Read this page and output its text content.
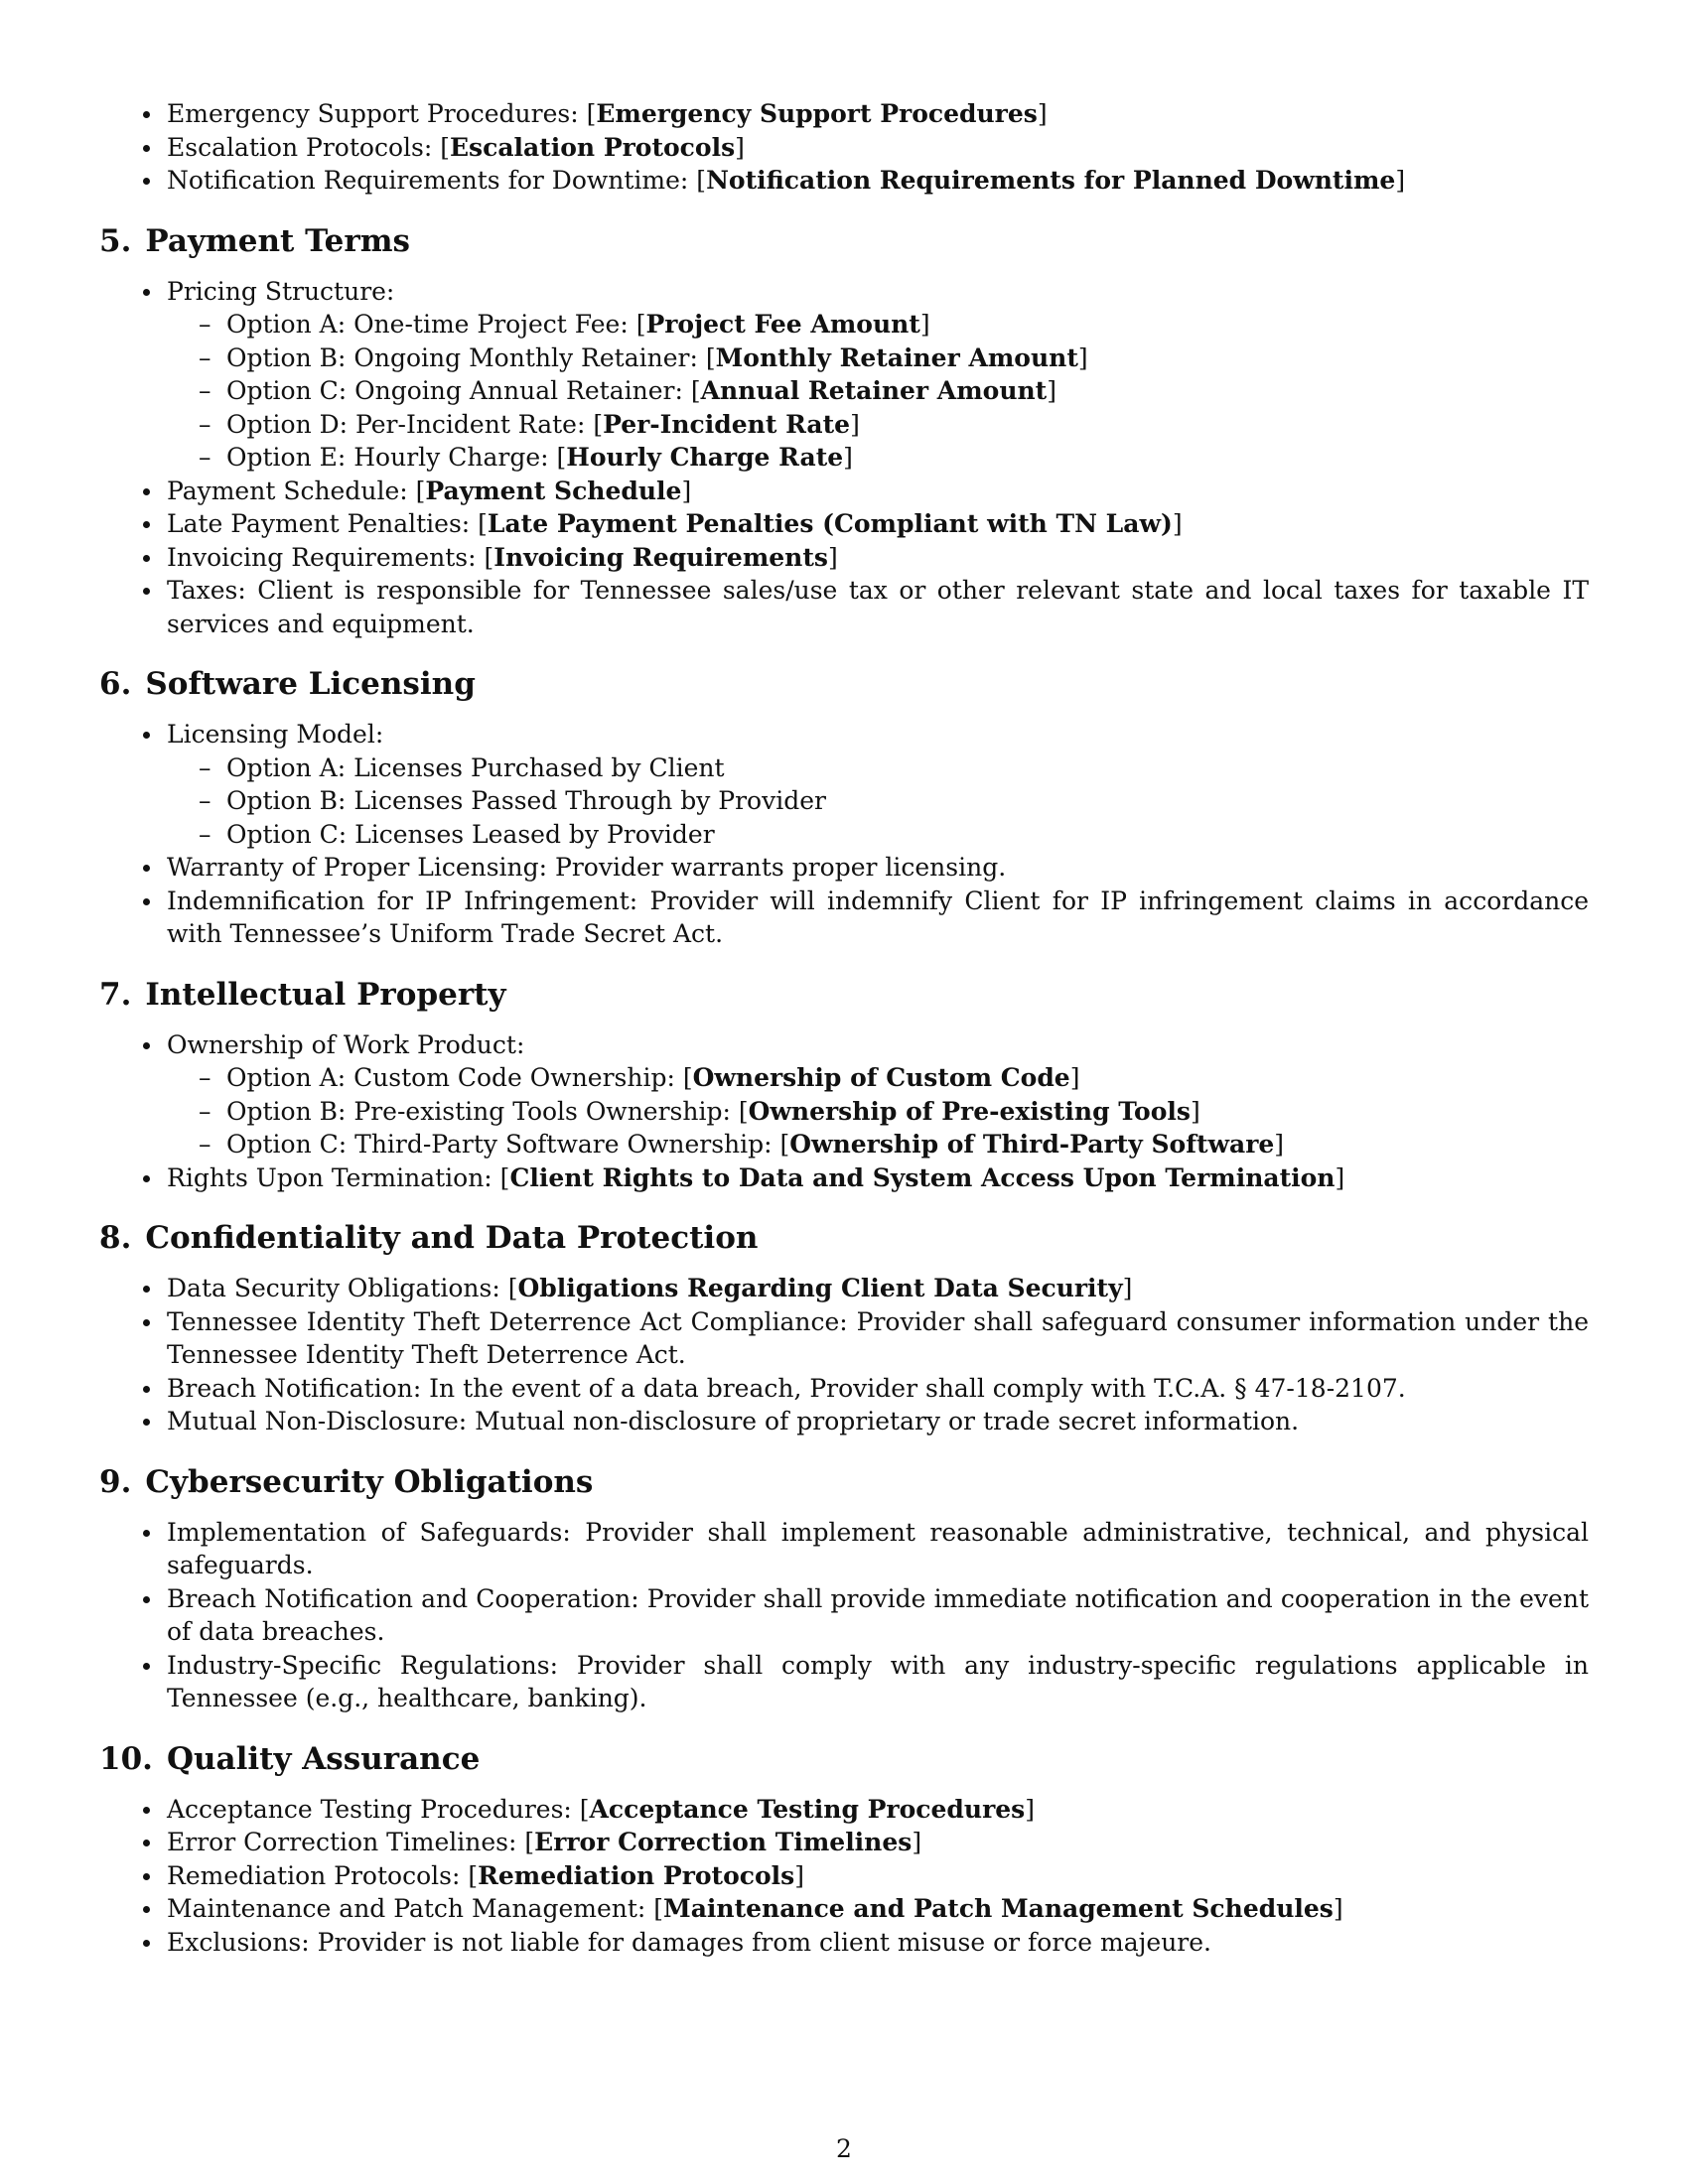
Emergency Support Procedures: [Emergency Support Procedures]
Escalation Protocols: [Escalation Protocols]
Notification Requirements for Downtime: [Notification Requirements for Planned Downtime]
5. Payment Terms
Pricing Structure:
– Option A: One-time Project Fee: [Project Fee Amount]
– Option B: Ongoing Monthly Retainer: [Monthly Retainer Amount]
– Option C: Ongoing Annual Retainer: [Annual Retainer Amount]
– Option D: Per-Incident Rate: [Per-Incident Rate]
– Option E: Hourly Charge: [Hourly Charge Rate]
Payment Schedule: [Payment Schedule]
Late Payment Penalties: [Late Payment Penalties (Compliant with TN Law)]
Invoicing Requirements: [Invoicing Requirements]
Taxes: Client is responsible for Tennessee sales/use tax or other relevant state and local taxes for taxable IT services and equipment.
6. Software Licensing
Licensing Model:
– Option A: Licenses Purchased by Client
– Option B: Licenses Passed Through by Provider
– Option C: Licenses Leased by Provider
Warranty of Proper Licensing: Provider warrants proper licensing.
Indemnification for IP Infringement: Provider will indemnify Client for IP infringement claims in accordance with Tennessee’s Uniform Trade Secret Act.
7. Intellectual Property
Ownership of Work Product:
– Option A: Custom Code Ownership: [Ownership of Custom Code]
– Option B: Pre-existing Tools Ownership: [Ownership of Pre-existing Tools]
– Option C: Third-Party Software Ownership: [Ownership of Third-Party Software]
Rights Upon Termination: [Client Rights to Data and System Access Upon Termination]
8. Confidentiality and Data Protection
Data Security Obligations: [Obligations Regarding Client Data Security]
Tennessee Identity Theft Deterrence Act Compliance: Provider shall safeguard consumer information under the Tennessee Identity Theft Deterrence Act.
Breach Notification: In the event of a data breach, Provider shall comply with T.C.A. § 47-18-2107.
Mutual Non-Disclosure: Mutual non-disclosure of proprietary or trade secret information.
9. Cybersecurity Obligations
Implementation of Safeguards: Provider shall implement reasonable administrative, technical, and physical safeguards.
Breach Notification and Cooperation: Provider shall provide immediate notification and cooperation in the event of data breaches.
Industry-Specific Regulations: Provider shall comply with any industry-specific regulations applicable in Tennessee (e.g., healthcare, banking).
10. Quality Assurance
Acceptance Testing Procedures: [Acceptance Testing Procedures]
Error Correction Timelines: [Error Correction Timelines]
Remediation Protocols: [Remediation Protocols]
Maintenance and Patch Management: [Maintenance and Patch Management Schedules]
Exclusions: Provider is not liable for damages from client misuse or force majeure.
2
